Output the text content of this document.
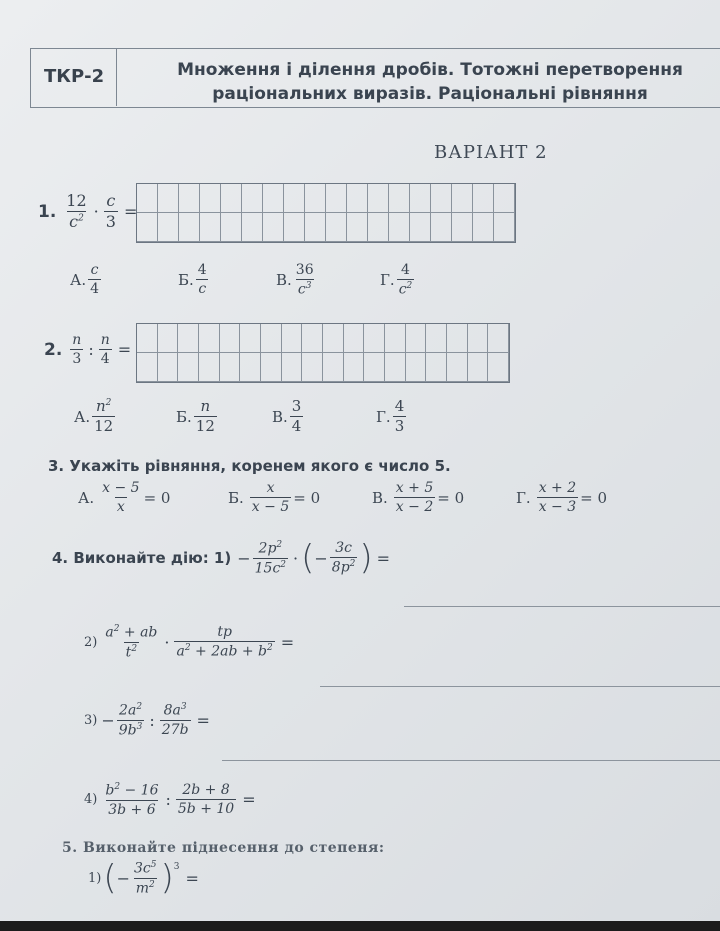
ТКР-2	Множення і ділення дробів. Тотожні перетворення
раціональних виразів. Раціональні рівняння
ВАРІАНТ 2
1. $\frac{12}{c^2} \cdot \frac{c}{3}$ =
А. $\frac{c}{4}$	Б. $\frac{4}{c}$	В. $\frac{36}{c^3}$	Г. $\frac{4}{c^2}$
2. $\frac{n}{3}$ : $\frac{n}{4}$ =
А. $\frac{n^2}{12}$	Б. $\frac{n}{12}$	В. $\frac{3}{4}$	Г. $\frac{4}{3}$
3. Укажіть рівняння, коренем якого є число 5.
А. $\frac{x - 5}{x} = 0$	Б. $\frac{x}{x - 5} = 0$	В. $\frac{x + 5}{x - 2} = 0$	Г. $\frac{x + 2}{x - 3} = 0$
4. Виконайте дію: $1) - \frac{2p^2}{15c^2}$ · ( − $\frac{3c}{8p^2}$ ) =
$2) \frac{a^2 + ab}{t^2} \cdot \frac{tp}{a^2 + 2ab + b^2}$ =
$3) - \frac{2a^2}{9b^3}$ : $\frac{8a^3}{27b}$ =
$4) \frac{b^2 - 16}{3b + 6}$ : $\frac{2b + 8}{5b + 10}$ =
5. Виконайте піднесення до степеня:
1) ( − $\frac{3c^5}{m^2} )^3$
=
